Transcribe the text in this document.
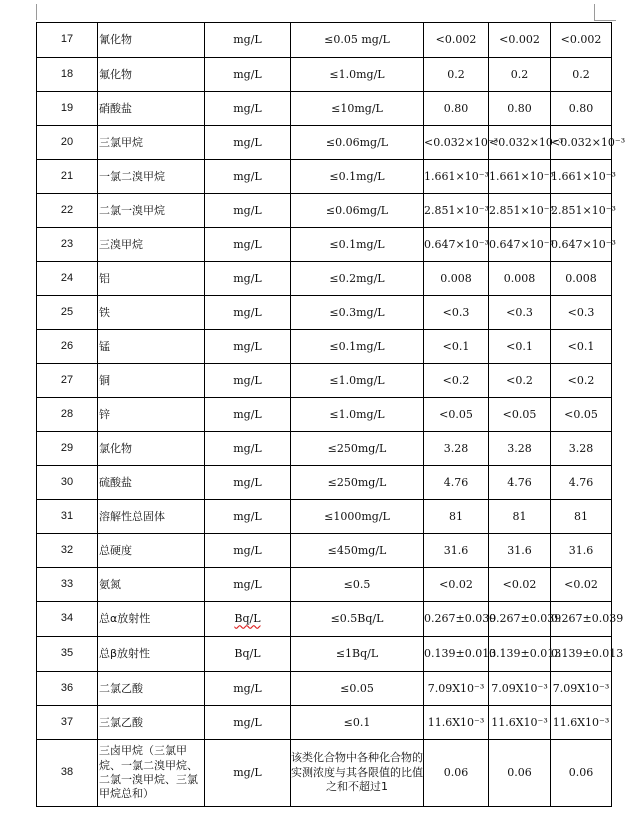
17	氰化物	mg/L	≤0.05 mg/L	<0.002	<0.002	<0.002
18	氟化物	mg/L	≤1.0mg/L	0.2	0.2	0.2
19	硝酸盐	mg/L	≤10mg/L	0.80	0.80	0.80
20	三氯甲烷	mg/L	≤0.06mg/L	<0.032×10⁻³	<0.032×10⁻³	<0.032×10⁻³
21	一氯二溴甲烷	mg/L	≤0.1mg/L	1.661×10⁻³	1.661×10⁻³	1.661×10⁻³
22	二氯一溴甲烷	mg/L	≤0.06mg/L	2.851×10⁻³	2.851×10⁻³	2.851×10⁻³
23	三溴甲烷	mg/L	≤0.1mg/L	0.647×10⁻³	0.647×10⁻³	0.647×10⁻³
24	铝	mg/L	≤0.2mg/L	0.008	0.008	0.008
25	铁	mg/L	≤0.3mg/L	<0.3	<0.3	<0.3
26	锰	mg/L	≤0.1mg/L	<0.1	<0.1	<0.1
27	铜	mg/L	≤1.0mg/L	<0.2	<0.2	<0.2
28	锌	mg/L	≤1.0mg/L	<0.05	<0.05	<0.05
29	氯化物	mg/L	≤250mg/L	3.28	3.28	3.28
30	硫酸盐	mg/L	≤250mg/L	4.76	4.76	4.76
31	溶解性总固体	mg/L	≤1000mg/L	81	81	81
32	总硬度	mg/L	≤450mg/L	31.6	31.6	31.6
33	氨氮	mg/L	≤0.5	<0.02	<0.02	<0.02
34	总α放射性	Bq/L	≤0.5Bq/L	0.267±0.039	0.267±0.039	0.267±0.039
35	总β放射性	Bq/L	≤1Bq/L	0.139±0.013	0.139±0.013	0.139±0.013
36	二氯乙酸	mg/L	≤0.05	7.09X10⁻³	7.09X10⁻³	7.09X10⁻³
37	三氯乙酸	mg/L	≤0.1	11.6X10⁻³	11.6X10⁻³	11.6X10⁻³
38	三卤甲烷（三氯甲烷、一氯二溴甲烷、二氯一溴甲烷、三氯甲烷总和）	mg/L	该类化合物中各种化合物的实测浓度与其各限值的比值之和不超过1	0.06	0.06	0.06
